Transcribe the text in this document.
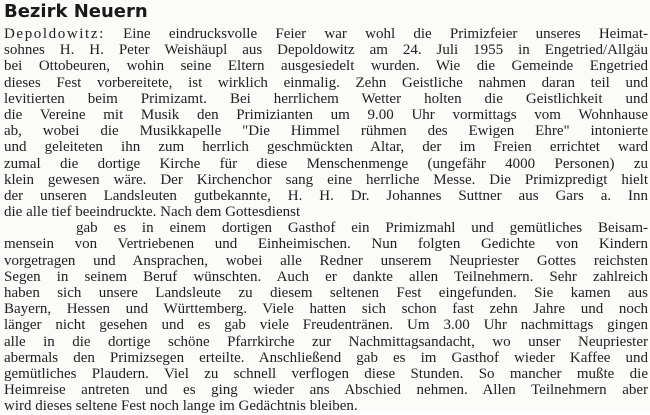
Bezirk Neuern
Depoldowitz: Eine eindrucksvolle Feier war wohl die Primizfeier unseres Heimat-
sohnes H. H. Peter Weishäupl aus Depoldowitz am 24. Juli 1955 in Engetried/Allgäu
bei Ottobeuren, wohin seine Eltern ausgesiedelt wurden. Wie die Gemeinde Engetried
dieses Fest vorbereitete, ist wirklich einmalig. Zehn Geistliche nahmen daran teil und
levitierten beim Primizamt. Bei herrlichem Wetter holten die Geistlichkeit und
die Vereine mit Musik den Primizianten um 9.00 Uhr vormittags vom Wohnhause
ab, wobei die Musikkapelle "Die Himmel rühmen des Ewigen Ehre" intonierte
und geleiteten ihn zum herrlich geschmückten Altar, der im Freien errichtet ward
zumal die dortige Kirche für diese Menschenmenge (ungefähr 4000 Personen) zu
klein gewesen wäre. Der Kirchenchor sang eine herrliche Messe. Die Primizpredigt hielt
der unseren Landsleuten gutbekannte, H. H. Dr. Johannes Suttner aus Gars a. Inn
die alle tief beeindruckte. Nach dem Gottesdienst
gab es in einem dortigen Gasthof ein Primizmahl und gemütliches Beisam-
mensein von Vertriebenen und Einheimischen. Nun folgten Gedichte von Kindern
vorgetragen und Ansprachen, wobei alle Redner unserem Neupriester Gottes reichsten
Segen in seinem Beruf wünschten. Auch er dankte allen Teilnehmern. Sehr zahlreich
haben sich unsere Landsleute zu diesem seltenen Fest eingefunden. Sie kamen aus
Bayern, Hessen und Württemberg. Viele hatten sich schon fast zehn Jahre und noch
länger nicht gesehen und es gab viele Freudentränen. Um 3.00 Uhr nachmittags gingen
alle in die dortige schöne Pfarrkirche zur Nachmittagsandacht, wo unser Neupriester
abermals den Primizsegen erteilte. Anschließend gab es im Gasthof wieder Kaffee und
gemütliches Plaudern. Viel zu schnell verflogen diese Stunden. So mancher mußte die
Heimreise antreten und es ging wieder ans Abschied nehmen. Allen Teilnehmern aber
wird dieses seltene Fest noch lange im Gedächtnis bleiben.
